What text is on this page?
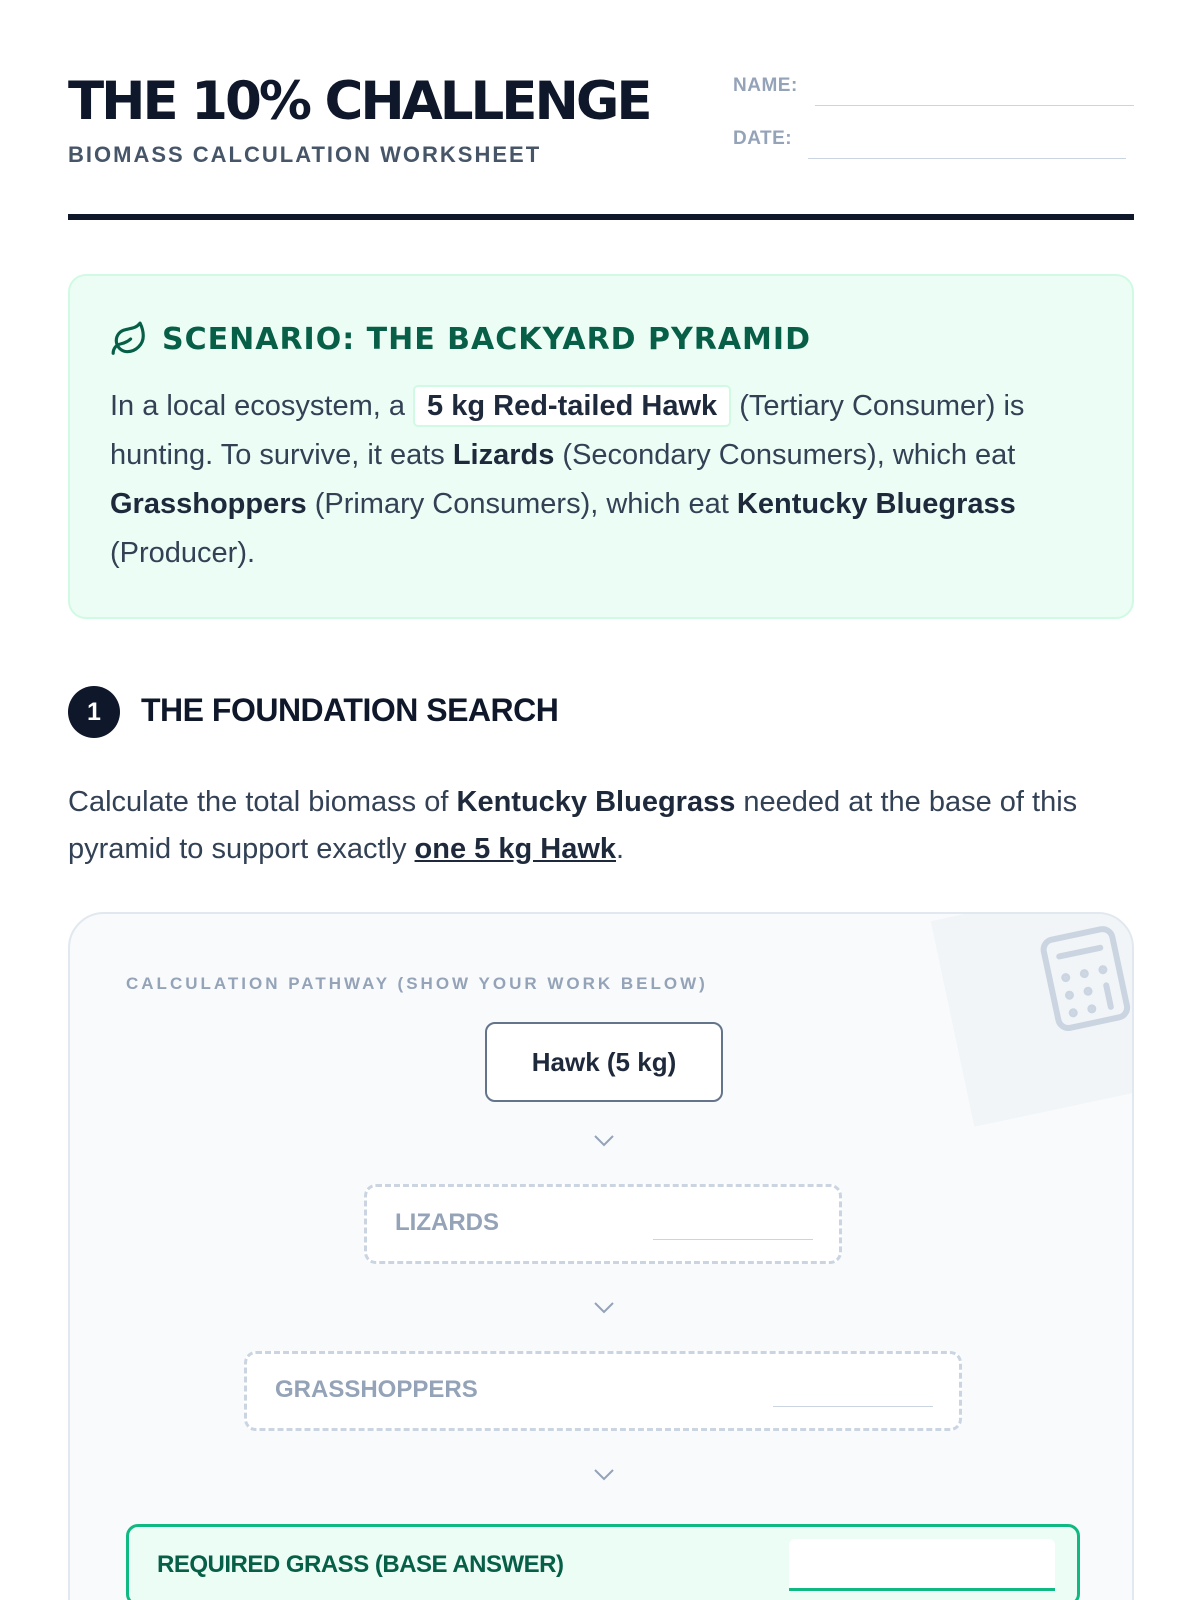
THE 10% CHALLENGE
BIOMASS CALCULATION WORKSHEET
NAME:
DATE:
SCENARIO: THE BACKYARD PYRAMID
In a local ecosystem, a 5 kg Red-tailed Hawk (Tertiary Consumer) is hunting. To survive, it eats Lizards (Secondary Consumers), which eat Grasshoppers (Primary Consumers), which eat Kentucky Bluegrass (Producer).
1	THE FOUNDATION SEARCH
Calculate the total biomass of Kentucky Bluegrass needed at the base of this pyramid to support exactly one 5 kg Hawk.
CALCULATION PATHWAY (SHOW YOUR WORK BELOW)
Hawk (5 kg)
LIZARDS
GRASSHOPPERS
REQUIRED GRASS (BASE ANSWER)
